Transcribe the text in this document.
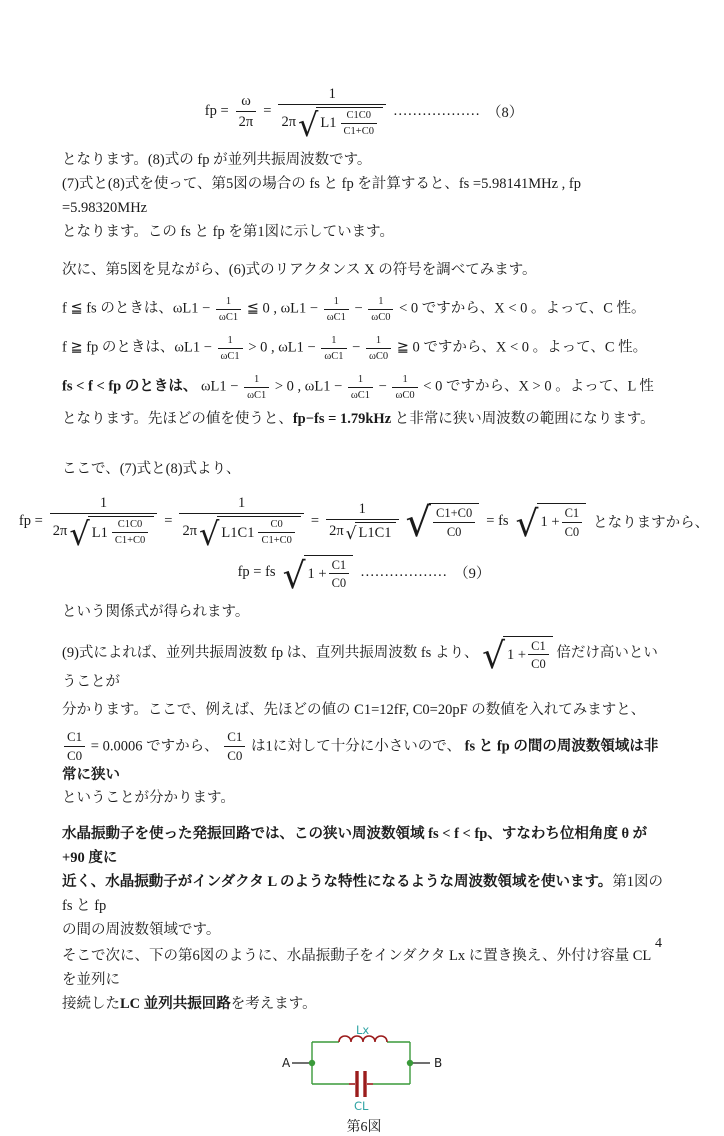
fp = $\frac{\omega}{2\pi}$ =
1
2π √ L1
C1C0
C1+C0
……………… （8）

となります。(8)式の fp が並列共振周波数です。

(7)式と(8)式を使って、第5図の場合の fs と fp を計算すると、fs =5.98141MHz , fp =5.98320MHz

となります。この fs と fp を第1図に示しています。

次に、第5図を見ながら、(6)式のリアクタンス X の符号を調べてみます。

f ≦ fs のときは、$\omega L1 - \frac{1}{\omega C1}$ ≦ 0 , $\omega L1 - \frac{1}{\omega C1} - \frac{1}{\omega C0} < 0$ ですから、X < 0 。よって、C 性。

f ≧ fp のときは、$\omega L1 - \frac{1}{\omega C1} > 0$ , $\omega L1 - \frac{1}{\omega C1} - \frac{1}{\omega C0}$ ≧ 0 ですから、X < 0 。よって、C 性。

fs < f < fp のときは、 $\omega L1 - \frac{1}{\omega C1} > 0$ , $\omega L1 - \frac{1}{\omega C1} - \frac{1}{\omega C0} < 0$ ですから、X > 0 。よって、L 性

となります。先ほどの値を使うと、fp−fs = 1.79kHz と非常に狭い周波数の範囲になります。

ここで、(7)式と(8)式より、

fp = 1
2π √ L1
C1C0
C1+C0 = 1
2π √ L1C1
C0
$C1+C0 = \frac{1}{2\pi √ L1C1}$ √ C1+C0
C0
= fs √ $1 + \frac{C1}{C0}$ となりますから、
fp = fs √ $1 + \frac{C1}{C0}$ ……………… （9）

という関係式が得られます。

(9)式によれば、並列共振周波数 fp は、直列共振周波数 fs より、 √ $1 + \frac{C1}{C0}$ 倍だけ高いということが

分かります。ここで、例えば、先ほどの値の C1=12fF, C0=20pF の数値を入れてみますと、

$\frac{C1}{C0} = 0.0006$ ですから、 $\frac{C1}{C0}$ は1に対して十分に小さいので、 fs と fp の間の周波数領域は非常に狭い

ということが分かります。

水晶振動子を使った発振回路では、この狭い周波数領域 fs < f < fp、すなわち位相角度 θ が+90 度に

近く、水晶振動子がインダクタ L のような特性になるような周波数領域を使います。第1図の fs と fp

の間の周波数領域です。

そこで次に、下の第6図のように、水晶振動子をインダクタ Lx に置き換え、外付け容量 CL を並列に

接続したLC 並列共振回路を考えます。

A	B
Lx
CL
第6図
4
